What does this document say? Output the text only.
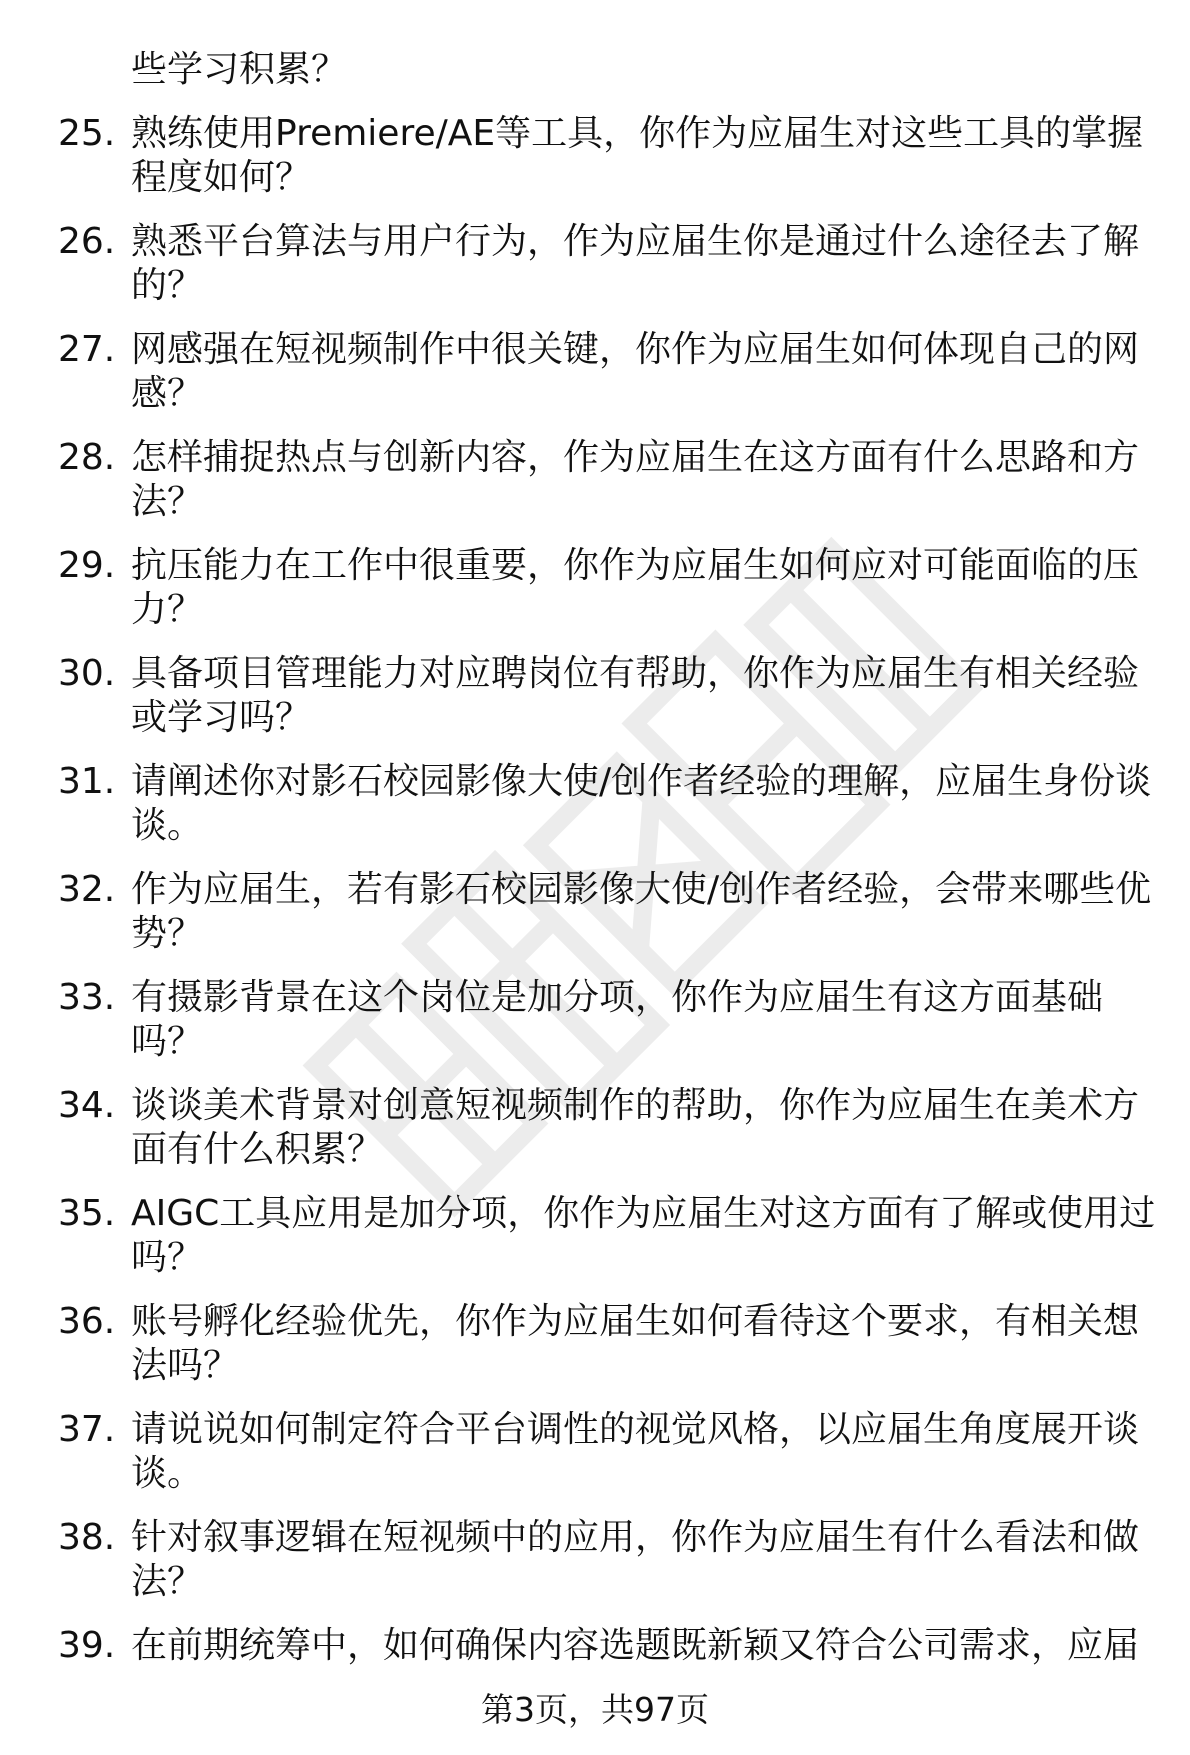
些学习积累？
25. 熟练使用Premiere/AE等工具，你作为应届生对这些工具的掌握
程度如何？
26. 熟悉平台算法与用户行为，作为应届生你是通过什么途径去了解
的？
27. 网感强在短视频制作中很关键，你作为应届生如何体现自己的网
感？
28. 怎样捕捉热点与创新内容，作为应届生在这方面有什么思路和方
法？
29. 抗压能力在工作中很重要，你作为应届生如何应对可能面临的压
力？
30. 具备项目管理能力对应聘岗位有帮助，你作为应届生有相关经验
或学习吗？
31. 请阐述你对影石校园影像大使/创作者经验的理解，应届生身份谈
谈。
32. 作为应届生，若有影石校园影像大使/创作者经验，会带来哪些优
势？
33. 有摄影背景在这个岗位是加分项，你作为应届生有这方面基础
吗？
34. 谈谈美术背景对创意短视频制作的帮助，你作为应届生在美术方
面有什么积累？
35. AIGC工具应用是加分项，你作为应届生对这方面有了解或使用过
吗？
36. 账号孵化经验优先，你作为应届生如何看待这个要求，有相关想
法吗？
37. 请说说如何制定符合平台调性的视觉风格，以应届生角度展开谈
谈。
38. 针对叙事逻辑在短视频中的应用，你作为应届生有什么看法和做
法？
39. 在前期统筹中，如何确保内容选题既新颖又符合公司需求，应届
第3页，共97页
